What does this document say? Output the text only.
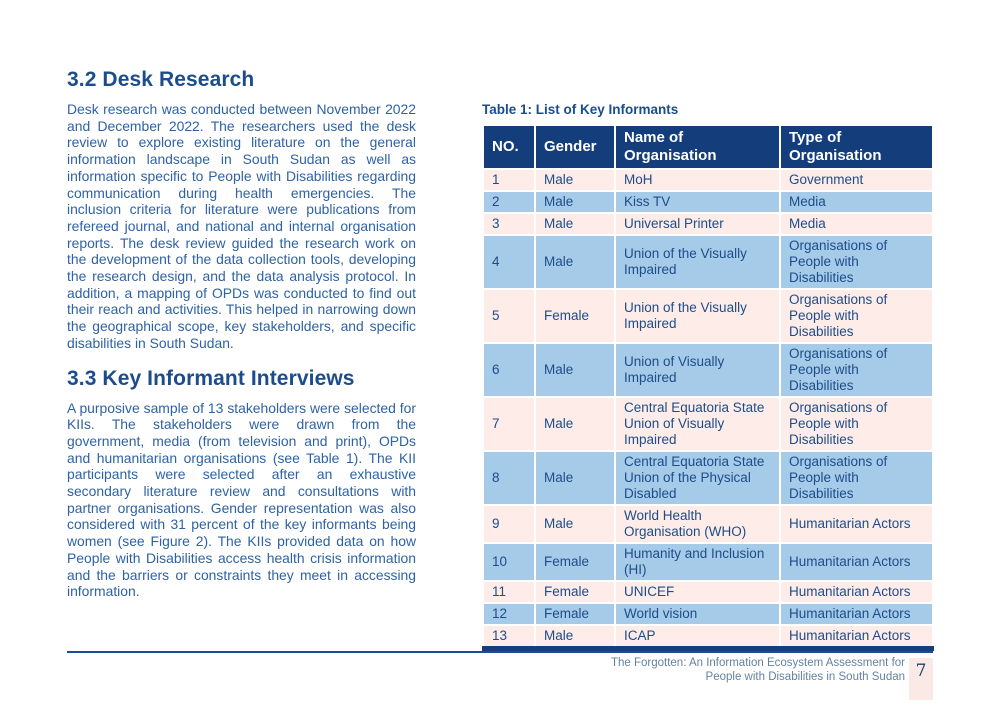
3.2 Desk Research

Desk research was conducted between November 2022 and December 2022. The researchers used the desk review to explore existing literature on the general information landscape in South Sudan as well as information specific to People with Disabilities regarding communication during health emergencies. The inclusion criteria for literature were publications from refereed journal, and national and internal organisation reports. The desk review guided the research work on the development of the data collection tools, developing the research design, and the data analysis protocol. In addition, a mapping of OPDs was conducted to find out their reach and activities. This helped in narrowing down the geographical scope, key stakeholders, and specific disabilities in South Sudan.

3.3 Key Informant Interviews

A purposive sample of 13 stakeholders were selected for KIIs. The stakeholders were drawn from the government, media (from television and print), OPDs and humanitarian organisations (see Table 1). The KII participants were selected after an exhaustive secondary literature review and consultations with partner organisations. Gender representation was also considered with 31 percent of the key informants being women (see Figure 2). The KIIs provided data on how People with Disabilities access health crisis information and the barriers or constraints they meet in accessing information.

Table 1: List of Key Informants
NO.	Gender	Name of Organisation	Type of Organisation
1	Male	MoH	Government
2	Male	Kiss TV	Media
3	Male	Universal Printer	Media
4	Male	Union of the Visually Impaired	Organisations of People with Disabilities
5	Female	Union of the Visually Impaired	Organisations of People with Disabilities
6	Male	Union of Visually Impaired	Organisations of People with Disabilities
7	Male	Central Equatoria State Union of Visually Impaired	Organisations of People with Disabilities
8	Male	Central Equatoria State Union of the Physical Disabled	Organisations of People with Disabilities
9	Male	World Health Organisation (WHO)	Humanitarian Actors
10	Female	Humanity and Inclusion (HI)	Humanitarian Actors
11	Female	UNICEF	Humanitarian Actors
12	Female	World vision	Humanitarian Actors
13	Male	ICAP	Humanitarian Actors
The Forgotten: An Information Ecosystem Assessment for
People with Disabilities in South Sudan 7
